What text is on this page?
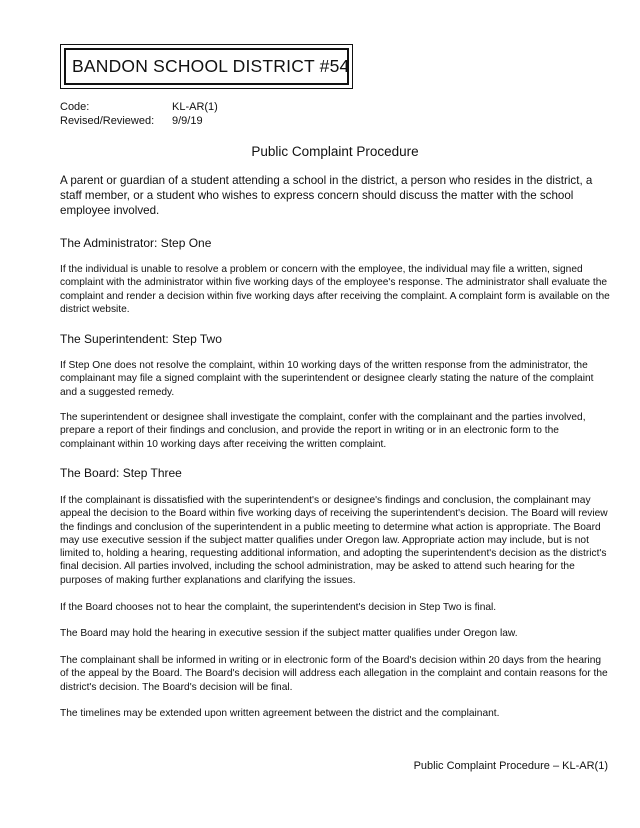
BANDON SCHOOL DISTRICT #54
Code:	KL-AR(1)
Revised/Reviewed: 9/9/19
Public Complaint Procedure

A parent or guardian of a student attending a school in the district, a person who resides in the district, a staff member, or a student who wishes to express concern should discuss the matter with the school employee involved.

The Administrator: Step One

If the individual is unable to resolve a problem or concern with the employee, the individual may file a written, signed complaint with the administrator within five working days of the employee's response. The administrator shall evaluate the complaint and render a decision within five working days after receiving the complaint. A complaint form is available on the district website.

The Superintendent: Step Two

If Step One does not resolve the complaint, within 10 working days of the written response from the administrator, the complainant may file a signed complaint with the superintendent or designee clearly stating the nature of the complaint and a suggested remedy.

The superintendent or designee shall investigate the complaint, confer with the complainant and the parties involved, prepare a report of their findings and conclusion, and provide the report in writing or in an electronic form to the complainant within 10 working days after receiving the written complaint.

The Board: Step Three

If the complainant is dissatisfied with the superintendent's or designee's findings and conclusion, the complainant may appeal the decision to the Board within five working days of receiving the superintendent's decision. The Board will review the findings and conclusion of the superintendent in a public meeting to determine what action is appropriate. The Board may use executive session if the subject matter qualifies under Oregon law. Appropriate action may include, but is not limited to, holding a hearing, requesting additional information, and adopting the superintendent's decision as the district's final decision. All parties involved, including the school administration, may be asked to attend such hearing for the purposes of making further explanations and clarifying the issues.

If the Board chooses not to hear the complaint, the superintendent's decision in Step Two is final.

The Board may hold the hearing in executive session if the subject matter qualifies under Oregon law.

The complainant shall be informed in writing or in electronic form of the Board's decision within 20 days from the hearing of the appeal by the Board. The Board's decision will address each allegation in the complaint and contain reasons for the district's decision. The Board's decision will be final.

The timelines may be extended upon written agreement between the district and the complainant.

Public Complaint Procedure – KL-AR(1)
